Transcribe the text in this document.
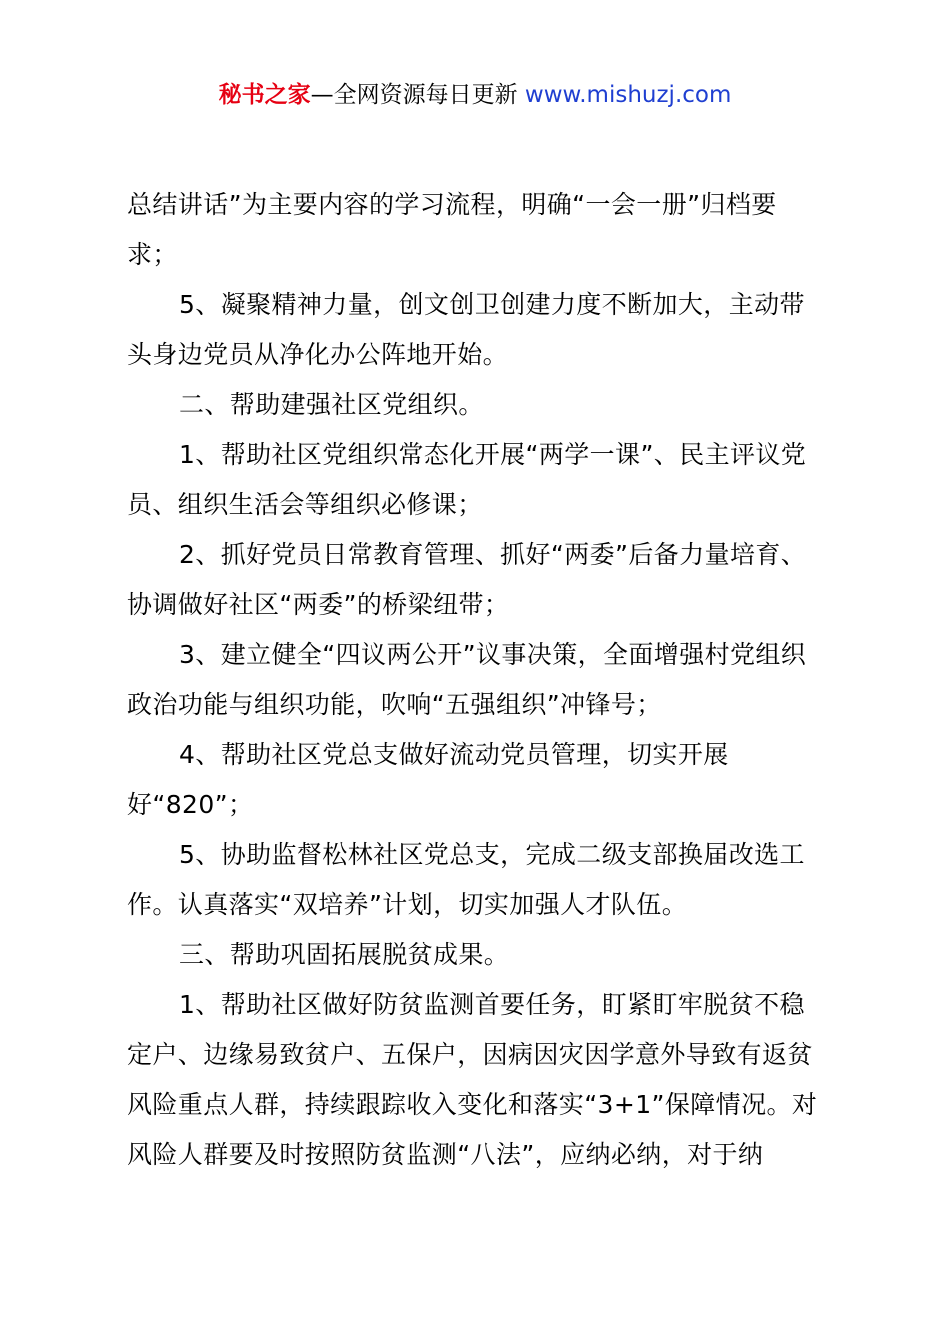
秘书之家—全网资源每日更新 www.mishuzj.com

总结讲话”为主要内容的学习流程，明确“一会一册”归档要求；

5、凝聚精神力量，创文创卫创建力度不断加大，主动带头身边党员从净化办公阵地开始。

二、帮助建强社区党组织。

1、帮助社区党组织常态化开展“两学一课”、民主评议党员、组织生活会等组织必修课；

2、抓好党员日常教育管理、抓好“两委”后备力量培育、协调做好社区“两委”的桥梁纽带；

3、建立健全“四议两公开”议事决策，全面增强村党组织政治功能与组织功能，吹响“五强组织”冲锋号；

4、帮助社区党总支做好流动党员管理，切实开展好“820”；

5、协助监督松林社区党总支，完成二级支部换届改选工作。认真落实“双培养”计划，切实加强人才队伍。

三、帮助巩固拓展脱贫成果。

1、帮助社区做好防贫监测首要任务，盯紧盯牢脱贫不稳定户、边缘易致贫户、五保户，因病因灾因学意外导致有返贫风险重点人群，持续跟踪收入变化和落实“3+1”保障情况。对风险人群要及时按照防贫监测“八法”，应纳必纳，对于纳
